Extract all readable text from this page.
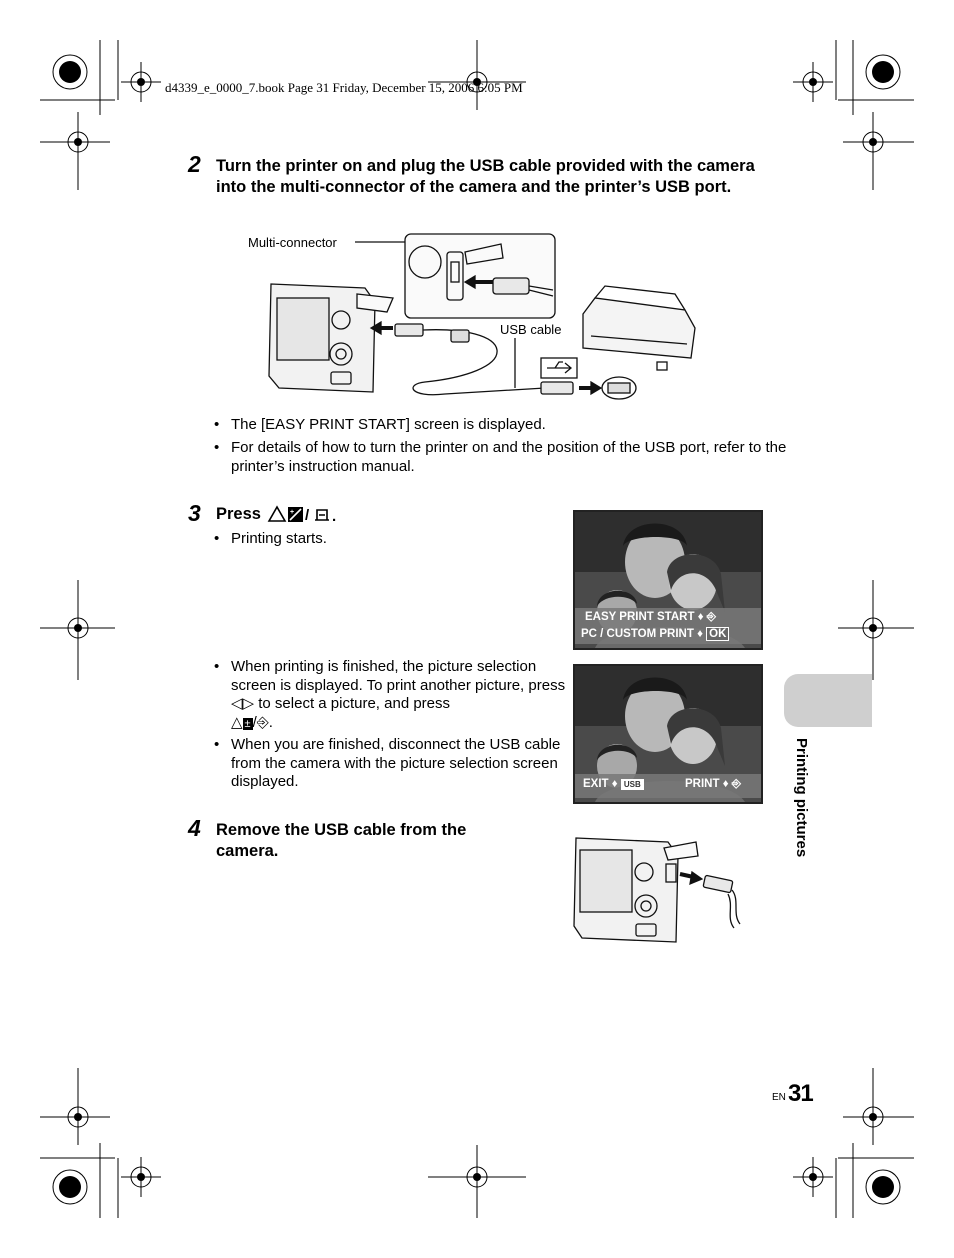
d4339_e_0000_7.book Page 31 Friday, December 15, 2006 6:05 PM
2 Turn the printer on and plug the USB cable provided with the camera into the multi-connector of the camera and the printer’s USB port.
Multi-connector
USB cable
• The [EASY PRINT START] screen is displayed.
• For details of how to turn the printer on and the position of the USB port, refer to the printer’s instruction manual.
3 Press	+ / .
• Printing starts.
EASY PRINT START ♦ ⎆
PC / CUSTOM PRINT ♦ OK
• When printing is finished, the picture selection screen is displayed. To print another picture, press ◁▷ to select a picture, and press
△ ± /⎆.
• When you are finished, disconnect the USB cable from the camera with the picture selection screen displayed.	EXIT ♦ USB	PRINT ♦ ⎆
4 Remove the USB cable from the camera.	Printing pictures
EN 31
